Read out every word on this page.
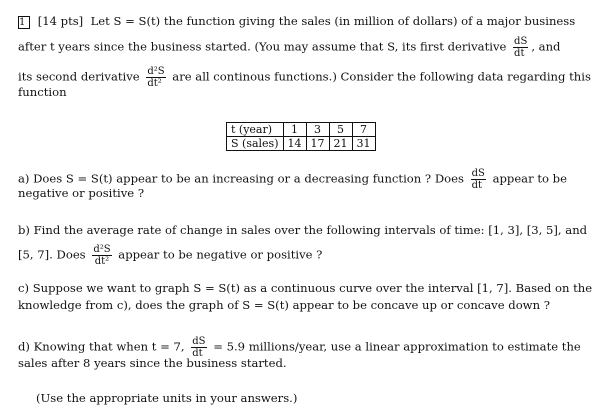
1 [14 pts] Let S = S(t) the function giving the sales (in million of dollars) of a major business
after t years since the business started. (You may assume that S, its first derivative $\frac{dS}{dt}$ , and
its second derivative $\frac{\text{d²S}}{\text{dt²}}$ are all continous functions.) Consider the following data regarding this
function
t (year)	1	3	5	7
S (sales)	14	17	21	31
a) Does S = S(t) appear to be an increasing or a decreasing function ? Does $\frac{dS}{dt}$ appear to be
negative or positive ?
b) Find the average rate of change in sales over the following intervals of time: [1, 3], [3, 5], and
[5, 7]. Does $\frac{\text{d²S}}{\text{dt²}}$ appear to be negative or positive ?
c) Suppose we want to graph S = S(t) as a continuous curve over the interval [1, 7]. Based on the
knowledge from c), does the graph of S = S(t) appear to be concave up or concave down ?
d) Knowing that when t = 7, $\frac{dS}{dt} = 5.9$ millions/year, use a linear approximation to estimate the
sales after 8 years since the business started.
(Use the appropriate units in your answers.)
